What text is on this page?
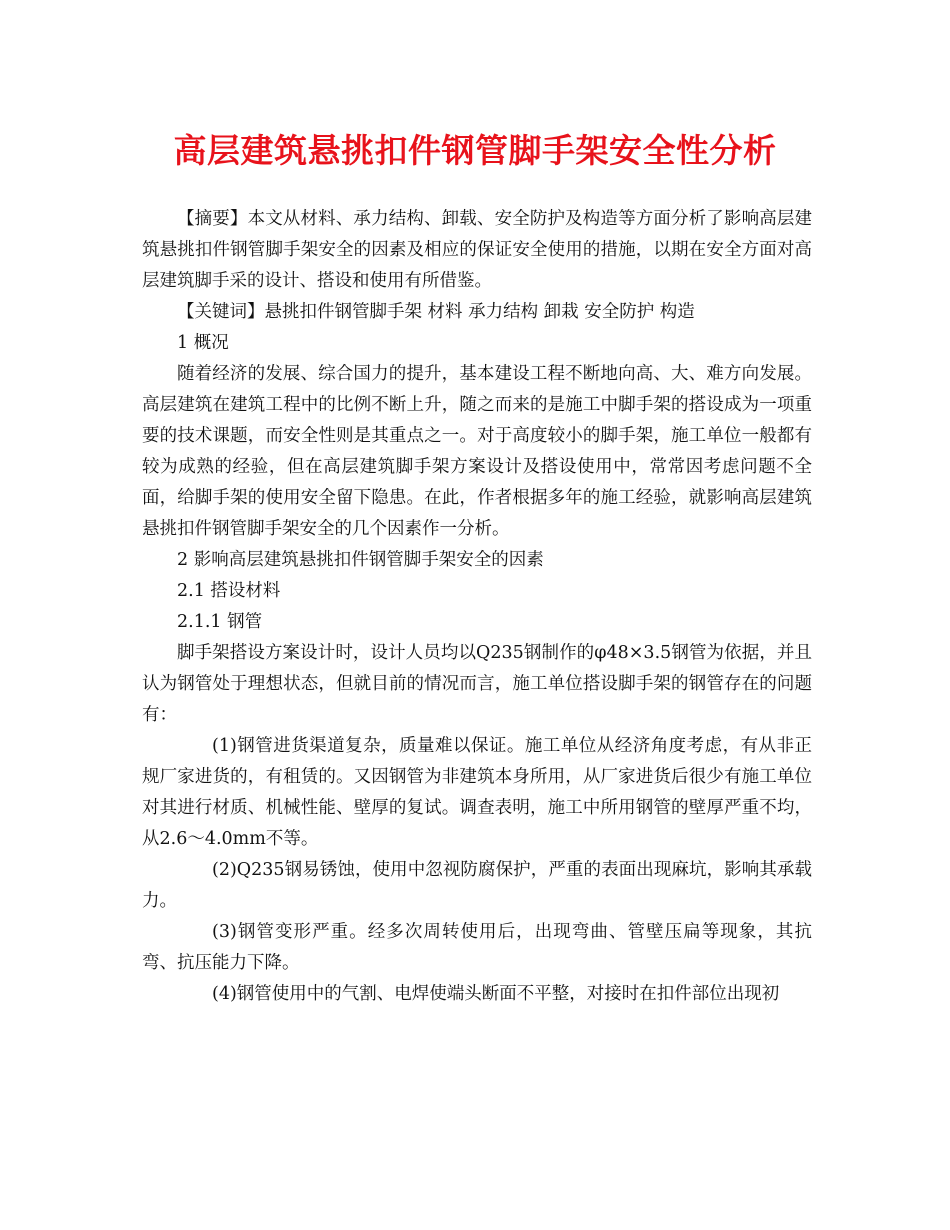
高层建筑悬挑扣件钢管脚手架安全性分析

【摘要】本文从材料、承力结构、卸载、安全防护及构造等方面分析了影响高层建筑悬挑扣件钢管脚手架安全的因素及相应的保证安全使用的措施，以期在安全方面对高层建筑脚手采的设计、搭设和使用有所借鉴。

【关键词】悬挑扣件钢管脚手架 材料 承力结构 卸栽 安全防护 构造

1 概况

随着经济的发展、综合国力的提升，基本建设工程不断地向高、大、难方向发展。高层建筑在建筑工程中的比例不断上升，随之而来的是施工中脚手架的搭设成为一项重要的技术课题，而安全性则是其重点之一。对于高度较小的脚手架，施工单位一般都有较为成熟的经验，但在高层建筑脚手架方案设计及搭设使用中，常常因考虑问题不全面，给脚手架的使用安全留下隐患。在此，作者根据多年的施工经验，就影响高层建筑悬挑扣件钢管脚手架安全的几个因素作一分析。

2 影响高层建筑悬挑扣件钢管脚手架安全的因素

2.1 搭设材料

2.1.1 钢管

脚手架搭设方案设计时，设计人员均以Q235钢制作的φ48×3.5钢管为依据，并且认为钢管处于理想状态，但就目前的情况而言，施工单位搭设脚手架的钢管存在的问题有：

(1)钢管进货渠道复杂，质量难以保证。施工单位从经济角度考虑，有从非正规厂家进货的，有租赁的。又因钢管为非建筑本身所用，从厂家进货后很少有施工单位对其进行材质、机械性能、壁厚的复试。调查表明，施工中所用钢管的壁厚严重不均，从2.6～4.0mm不等。

(2)Q235钢易锈蚀，使用中忽视防腐保护，严重的表面出现麻坑，影响其承载力。

(3)钢管变形严重。经多次周转使用后，出现弯曲、管壁压扁等现象，其抗弯、抗压能力下降。

(4)钢管使用中的气割、电焊使端头断面不平整，对接时在扣件部位出现初
